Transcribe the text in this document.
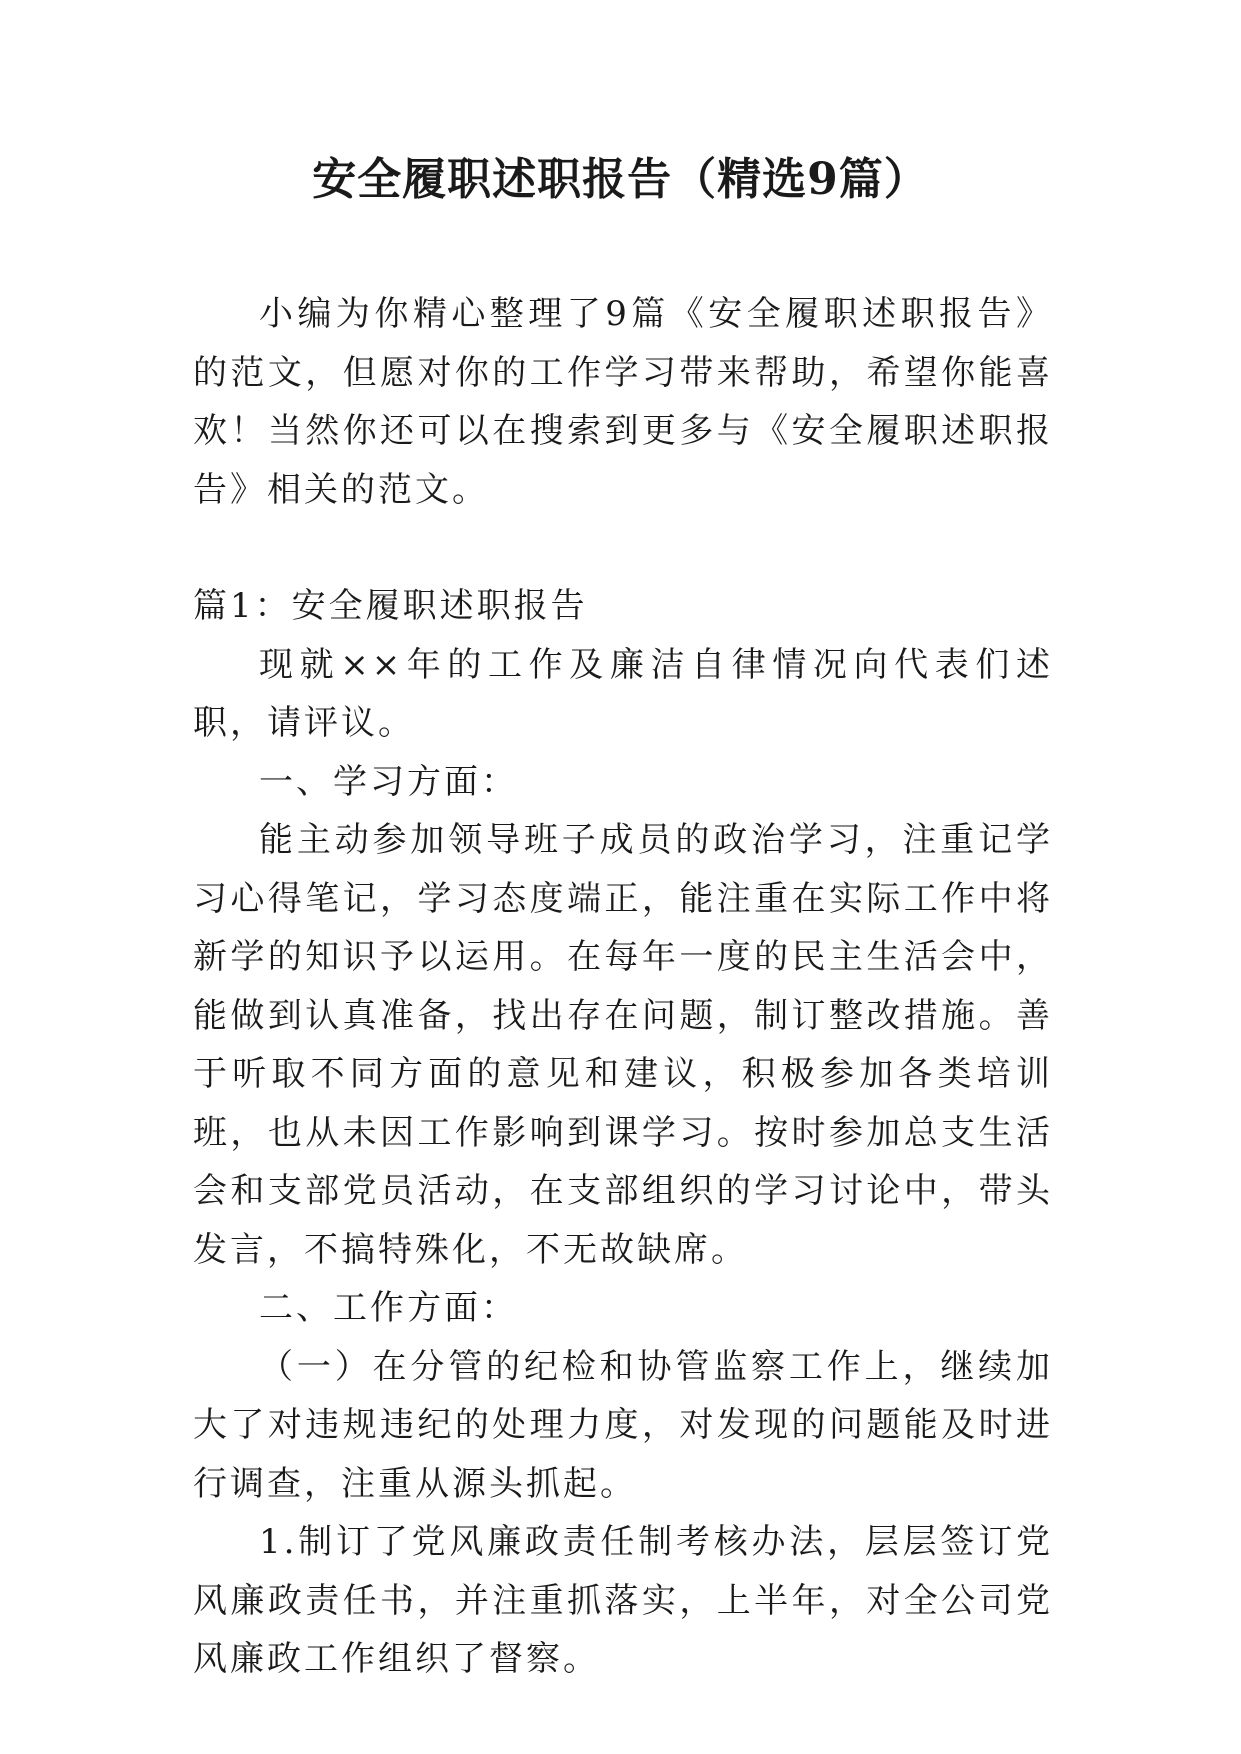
安全履职述职报告（精选9篇）

小编为你精心整理了9篇《安全履职述职报告》的范文，但愿对你的工作学习带来帮助，希望你能喜欢！当然你还可以在搜索到更多与《安全履职述职报告》相关的范文。

篇1：安全履职述职报告

现就××年的工作及廉洁自律情况向代表们述职，请评议。

一、学习方面：

能主动参加领导班子成员的政治学习，注重记学习心得笔记，学习态度端正，能注重在实际工作中将新学的知识予以运用。在每年一度的民主生活会中，能做到认真准备，找出存在问题，制订整改措施。善于听取不同方面的意见和建议，积极参加各类培训班，也从未因工作影响到课学习。按时参加总支生活会和支部党员活动，在支部组织的学习讨论中，带头发言，不搞特殊化，不无故缺席。

二、工作方面：

（一）在分管的纪检和协管监察工作上，继续加大了对违规违纪的处理力度，对发现的问题能及时进行调查，注重从源头抓起。

1.制订了党风廉政责任制考核办法，层层签订党风廉政责任书，并注重抓落实，上半年，对全公司党风廉政工作组织了督察。
